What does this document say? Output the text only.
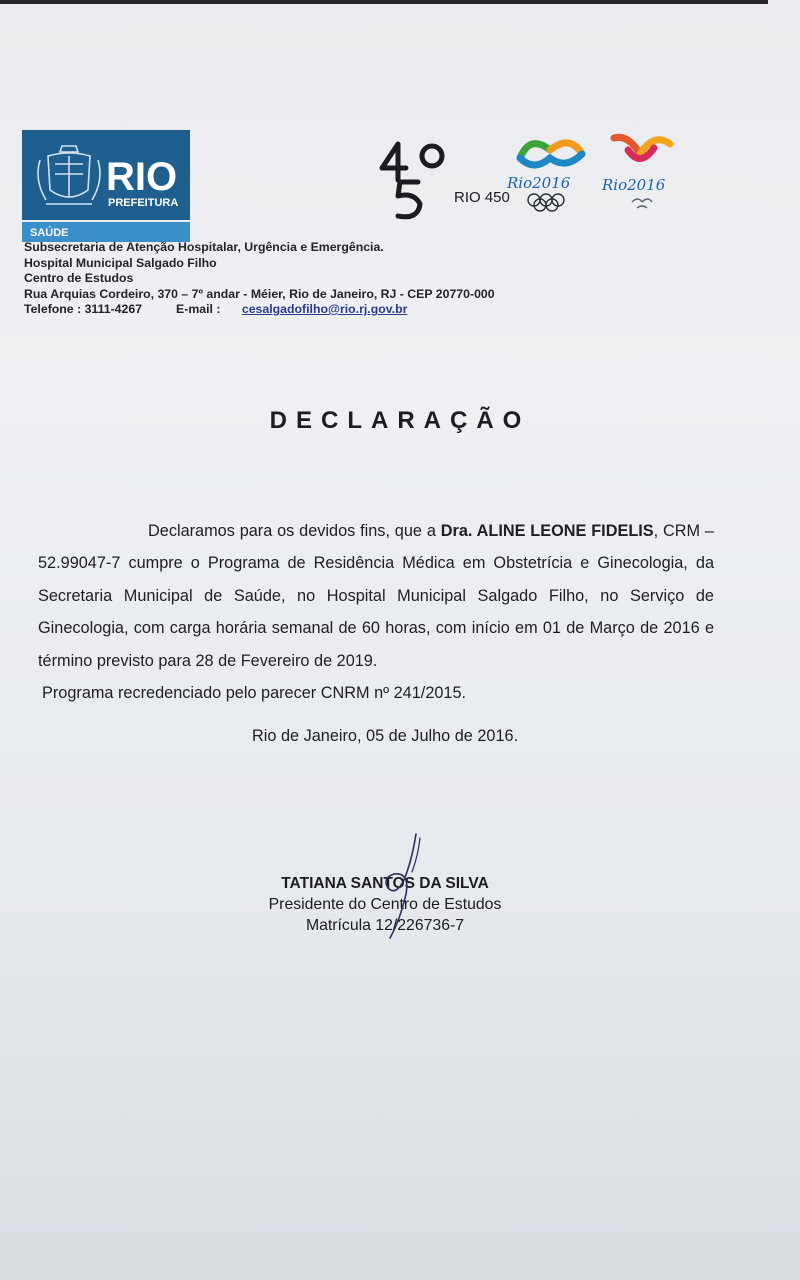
RIO
PREFEITURA
SAÚDE
RIO 450
Rio2016 Rio2016
Subsecretaria de Atenção Hospitalar, Urgência e Emergência.
Hospital Municipal Salgado Filho
Centro de Estudos
Rua Arquias Cordeiro, 370 – 7º andar - Méier, Rio de Janeiro, RJ - CEP 20770-000
Telefone : 3111-4267	E-mail : cesalgadofilho@rio.rj.gov.br
DECLARAÇÃO

Declaramos para os devidos fins, que a Dra. ALINE LEONE FIDELIS, CRM – 52.99047-7 cumpre o Programa de Residência Médica em Obstetrícia e Ginecologia, da Secretaria Municipal de Saúde, no Hospital Municipal Salgado Filho, no Serviço de Ginecologia, com carga horária semanal de 60 horas, com início em 01 de Março de 2016 e término previsto para 28 de Fevereiro de 2019.

Programa recredenciado pelo parecer CNRM nº 241/2015.

Rio de Janeiro, 05 de Julho de 2016.
TATIANA SANTOS DA SILVA
Presidente do Centro de Estudos
Matrícula 12/226736-7
